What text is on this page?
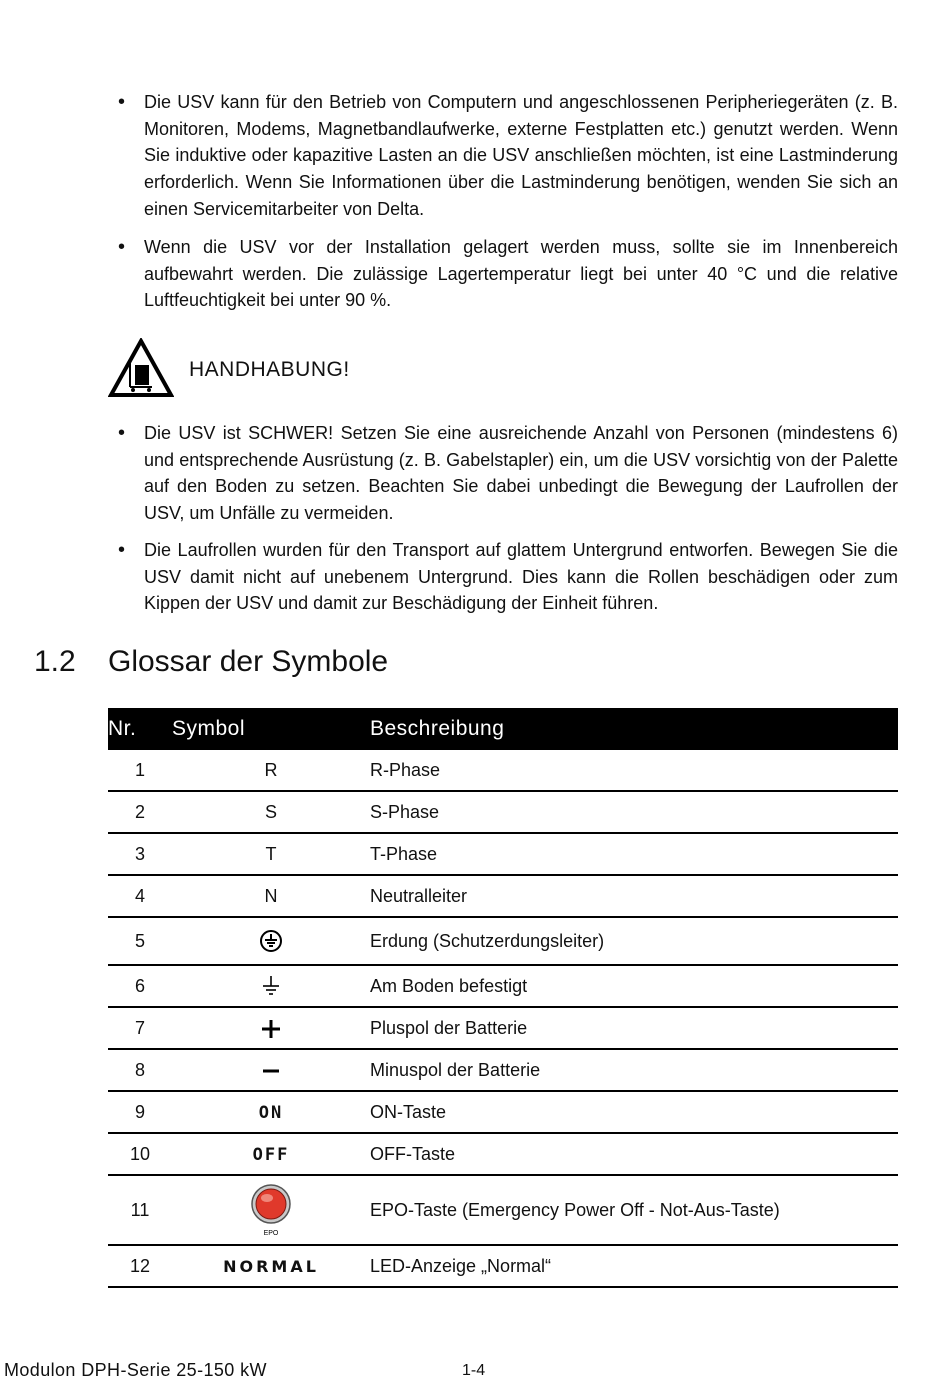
• Die USV kann für den Betrieb von Computern und angeschlossenen Peripheriegeräten (z. B. Monitoren, Modems, Magnetbandlaufwerke, externe Festplatten etc.) genutzt werden. Wenn Sie induktive oder kapazitive Lasten an die USV anschließen möchten, ist eine Lastminderung erforderlich. Wenn Sie Informationen über die Lastminderung benötigen, wenden Sie sich an einen Servicemitarbeiter von Delta.
• Wenn die USV vor der Installation gelagert werden muss, sollte sie im Innenbereich aufbewahrt werden. Die zulässige Lagertemperatur liegt bei unter 40 °C und die relative Luftfeuchtigkeit bei unter 90 %.
HANDHABUNG!
• Die USV ist SCHWER! Setzen Sie eine ausreichende Anzahl von Personen (mindestens 6) und entsprechende Ausrüstung (z. B. Gabelstapler) ein, um die USV vorsichtig von der Palette auf den Boden zu setzen. Beachten Sie dabei unbedingt die Bewegung der Laufrollen der USV, um Unfälle zu vermeiden.
• Die Laufrollen wurden für den Transport auf glattem Untergrund entworfen. Bewegen Sie die USV damit nicht auf unebenem Untergrund. Dies kann die Rollen beschädigen oder zum Kippen der USV und damit zur Beschädigung der Einheit führen.
1.2 Glossar der Symbole
Nr.	Symbol	Beschreibung
1	R	R-Phase
2	S	S-Phase
3	T	T-Phase
4	N	Neutralleiter
5		Erdung (Schutzerdungsleiter)
6		Am Boden befestigt
7		Pluspol der Batterie
8		Minuspol der Batterie
9	ON	ON-Taste
10	OFF	OFF-Taste
11	EPO	EPO-Taste (Emergency Power Off - Not-Aus-Taste)
12	NORMAL	LED-Anzeige „Normal“
Modulon DPH-Serie 25-150 kW	1-4
